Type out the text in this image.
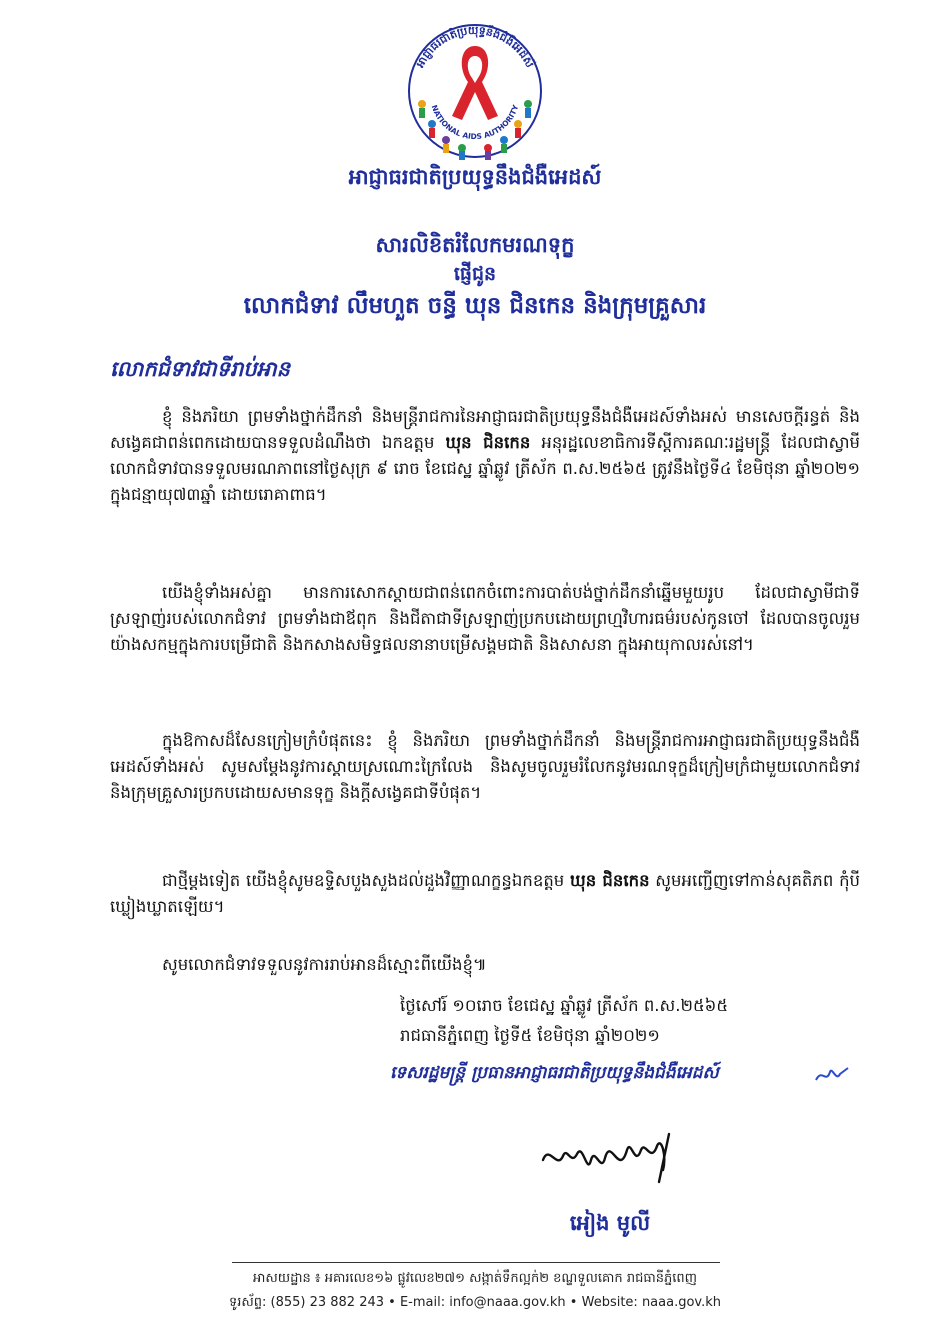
អាជ្ញាធរជាតិប្រយុទ្ធនឹងជំងឺអេដស៍
NATIONAL AIDS AUTHORITY
អាជ្ញាធរជាតិប្រយុទ្ធនឹងជំងឺអេដស៍
សារលិខិតរំលែកមរណទុក្ខ
ផ្ញើជូន
លោកជំទាវ លឹមហួត ចន្ធី ឃុន ជិនកេន និងក្រុមគ្រួសារ
លោកជំទាវជាទីរាប់អាន
ខ្ញុំ និងភរិយា ព្រមទាំងថ្នាក់ដឹកនាំ និងមន្ត្រីរាជការនៃអាជ្ញាធរជាតិប្រយុទ្ធនឹងជំងឺអេដស៍ទាំងអស់ មានសេចក្តីរន្ធត់ និងសង្វេគជាពន់ពេកដោយបានទទួលដំណឹងថា ឯកឧត្តម ឃុន ជិនកេន អនុរដ្ឋលេខាធិការទីស្តីការគណៈរដ្ឋមន្ត្រី ដែលជាស្វាមីលោកជំទាវបានទទួលមរណភាពនៅថ្ងៃសុក្រ ៩ រោច ខែជេស្ឋ ឆ្នាំឆ្លូវ ត្រីស័ក ព.ស.២៥៦៥ ត្រូវនឹងថ្ងៃទី៤ ខែមិថុនា ឆ្នាំ២០២១ ក្នុងជន្មាយុ៧៣ឆ្នាំ ដោយរោគាពាធ។
យើងខ្ញុំទាំងអស់គ្នា មានការសោកស្តាយជាពន់ពេកចំពោះការបាត់បង់ថ្នាក់ដឹកនាំឆ្នើមមួយរូប ដែលជាស្វាមីជាទីស្រឡាញ់របស់លោកជំទាវ ព្រមទាំងជាឪពុក និងជីតាជាទីស្រឡាញ់ប្រកបដោយព្រហ្មវិហារធម៌របស់កូនចៅ ដែលបានចូលរួមយ៉ាងសកម្មក្នុងការបម្រើជាតិ និងកសាងសមិទ្ធផលនានាបម្រើសង្គមជាតិ និងសាសនា ក្នុងអាយុកាលរស់នៅ។
ក្នុងឱកាសដ៏សែនក្រៀមក្រំបំផុតនេះ ខ្ញុំ និងភរិយា ព្រមទាំងថ្នាក់ដឹកនាំ និងមន្ត្រីរាជការអាជ្ញាធរជាតិប្រយុទ្ធនឹងជំងឺអេដស៍ទាំងអស់ សូមសម្តែងនូវការស្តាយស្រណោះក្រៃលែង និងសូមចូលរួមរំលែកនូវមរណទុក្ខដ៏ក្រៀមក្រំជាមួយលោកជំទាវ និងក្រុមគ្រួសារប្រកបដោយសមានទុក្ខ និងក្តីសង្វេគជាទីបំផុត។
ជាថ្មីម្តងទៀត យើងខ្ញុំសូមឧទ្ទិសបួងសួងដល់ដួងវិញ្ញាណក្ខន្ធឯកឧត្តម ឃុន ជិនកេន សូមអញ្ជើញទៅកាន់សុគតិភព កុំបីឃ្លៀងឃ្លាតឡើយ។
សូមលោកជំទាវទទួលនូវការរាប់អានដ៏ស្មោះពីយើងខ្ញុំ៕
ថ្ងៃសៅរ៍ ១០រោច ខែជេស្ឋ ឆ្នាំឆ្លូវ ត្រីស័ក ព.ស.២៥៦៥
រាជធានីភ្នំពេញ ថ្ងៃទី៥ ខែមិថុនា ឆ្នាំ២០២១
ទេសរដ្ឋមន្ត្រី ប្រធានអាជ្ញាធរជាតិប្រយុទ្ធនឹងជំងឺអេដស៍
អៀង មូលី
អាសយដ្ឋាន ៖ អគារលេខ១៦ ផ្លូវលេខ២៧១ សង្កាត់ទឹកល្អក់២ ខណ្ឌទួលគោក រាជធានីភ្នំពេញ
ទូរស័ព្ទ: (855) 23 882 243 • E-mail: info@naaa.gov.kh • Website: naaa.gov.kh
